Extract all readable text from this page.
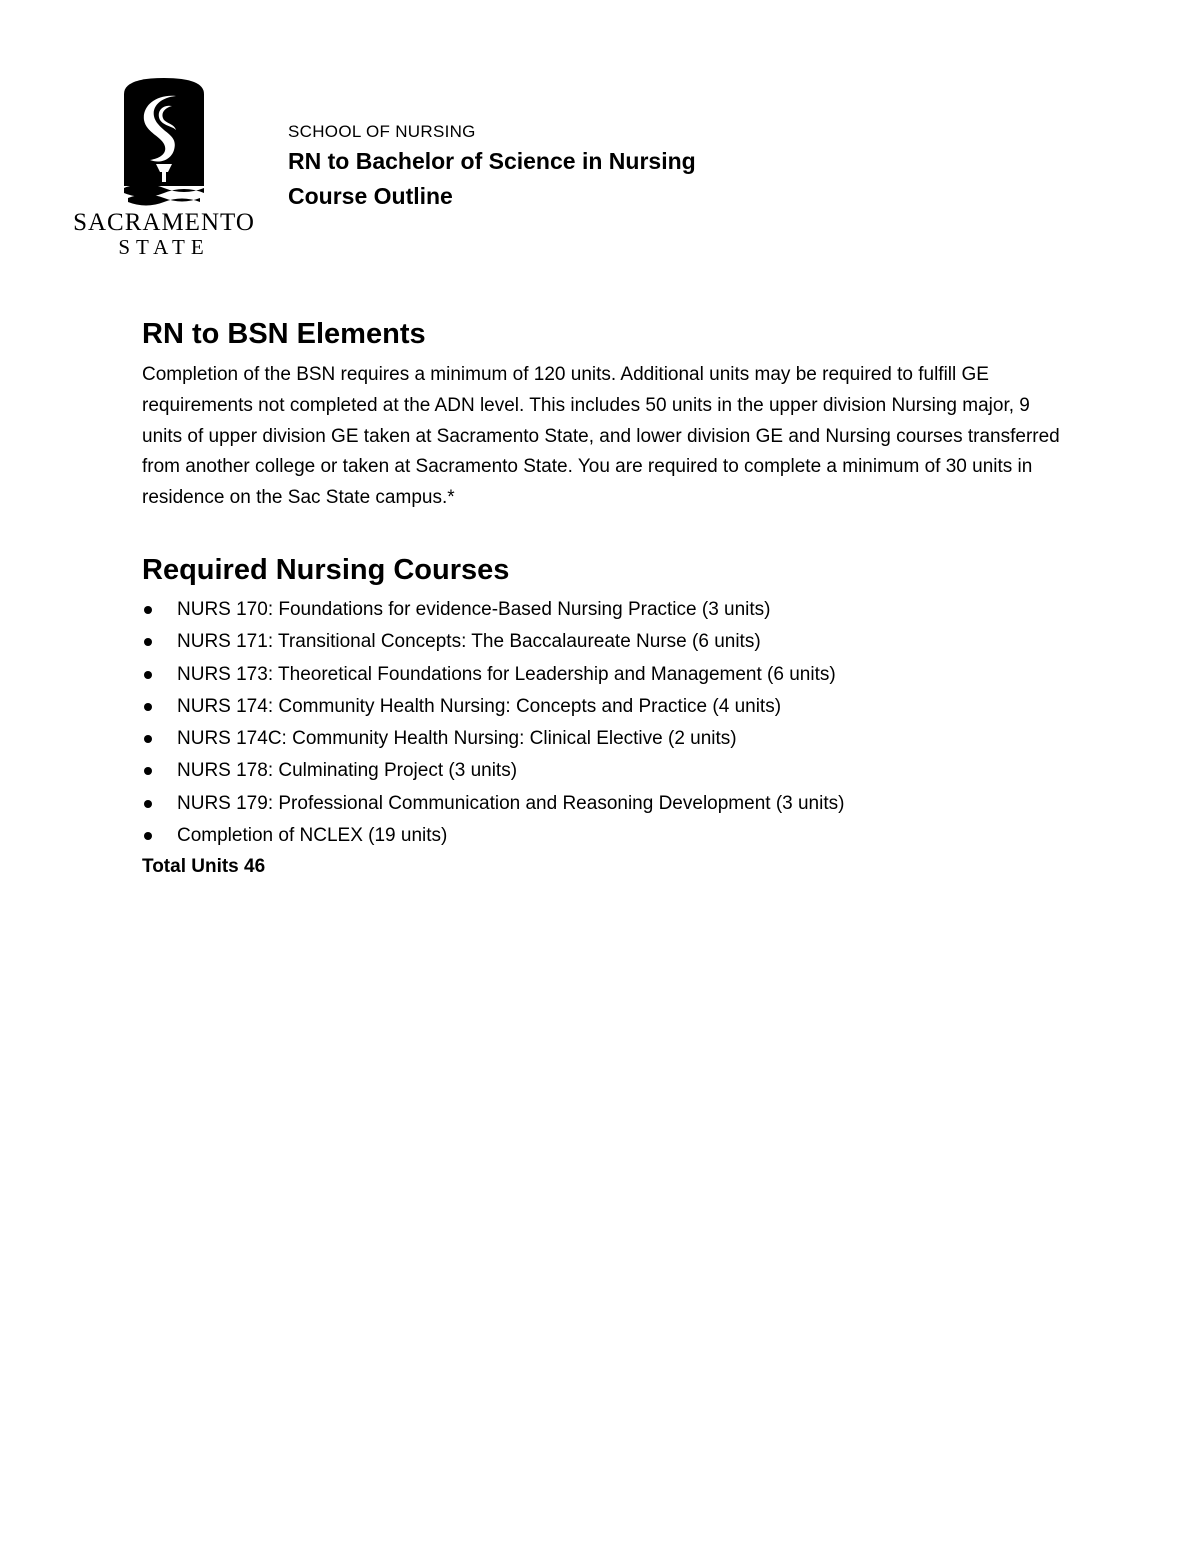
SACRAMENTO
STATE
SCHOOL OF NURSING
RN to Bachelor of Science in Nursing
Course Outline
RN to BSN Elements

Completion of the BSN requires a minimum of 120 units. Additional units may be required to fulfill GE requirements not completed at the ADN level. This includes 50 units in the upper division Nursing major, 9 units of upper division GE taken at Sacramento State, and lower division GE and Nursing courses transferred from another college or taken at Sacramento State. You are required to complete a minimum of 30 units in residence on the Sac State campus.*

Required Nursing Courses
NURS 170: Foundations for evidence-Based Nursing Practice (3 units)
NURS 171: Transitional Concepts: The Baccalaureate Nurse (6 units)
NURS 173: Theoretical Foundations for Leadership and Management (6 units)
NURS 174: Community Health Nursing: Concepts and Practice (4 units)
NURS 174C: Community Health Nursing: Clinical Elective (2 units)
NURS 178: Culminating Project (3 units)
NURS 179: Professional Communication and Reasoning Development (3 units)
Completion of NCLEX (19 units)
Total Units 46
